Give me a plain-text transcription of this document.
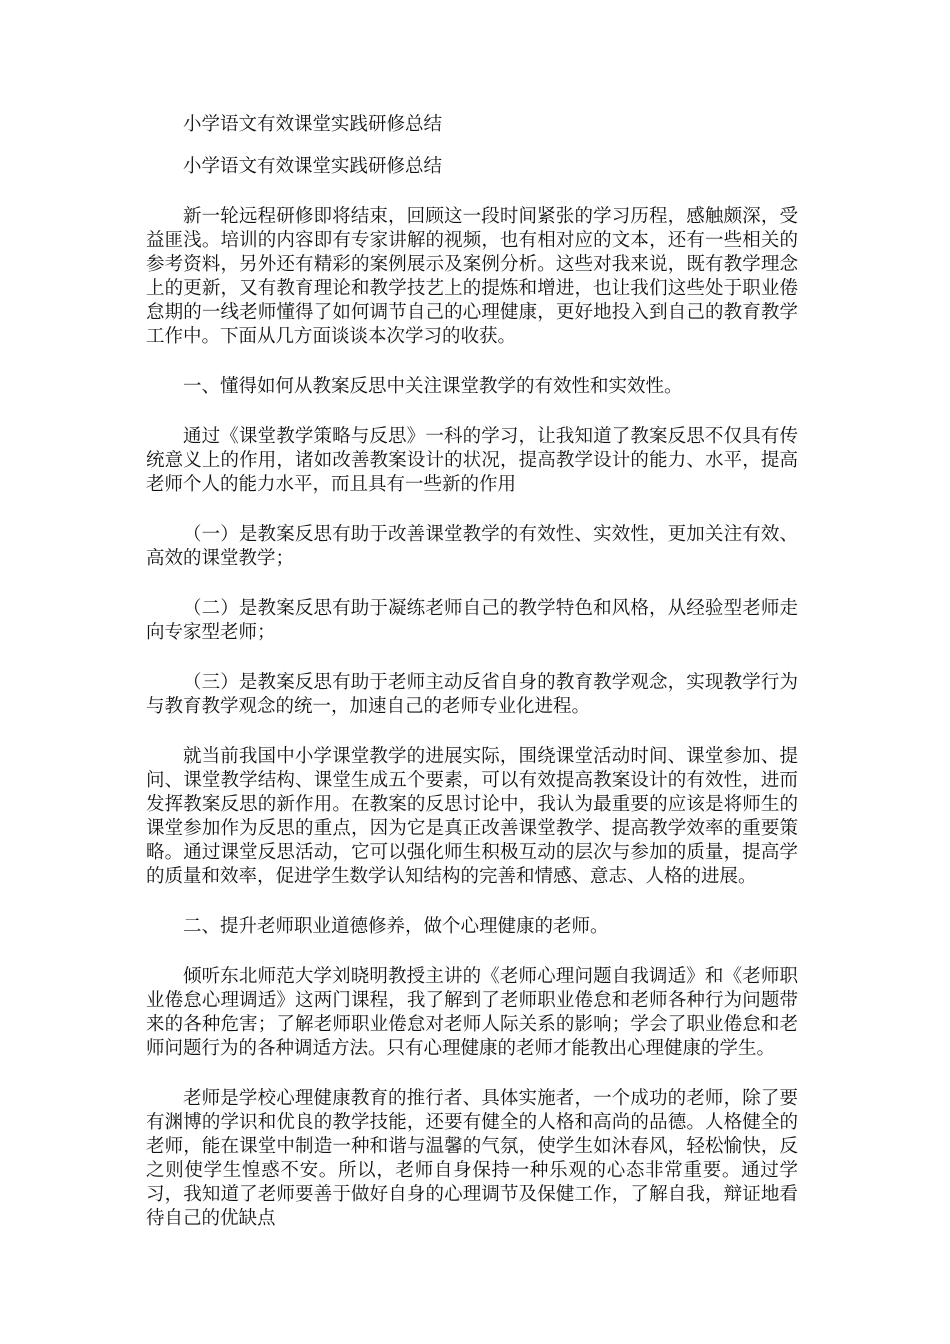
小学语文有效课堂实践研修总结

小学语文有效课堂实践研修总结

新一轮远程研修即将结束，回顾这一段时间紧张的学习历程，感触颇深，受益匪浅。培训的内容即有专家讲解的视频，也有相对应的文本，还有一些相关的参考资料，另外还有精彩的案例展示及案例分析。这些对我来说，既有教学理念上的更新，又有教育理论和教学技艺上的提炼和增进，也让我们这些处于职业倦怠期的一线老师懂得了如何调节自己的心理健康，更好地投入到自己的教育教学工作中。下面从几方面谈谈本次学习的收获。

一、懂得如何从教案反思中关注课堂教学的有效性和实效性。

通过《课堂教学策略与反思》一科的学习，让我知道了教案反思不仅具有传统意义上的作用，诸如改善教案设计的状况，提高教学设计的能力、水平，提高老师个人的能力水平，而且具有一些新的作用

（一）是教案反思有助于改善课堂教学的有效性、实效性，更加关注有效、高效的课堂教学；

（二）是教案反思有助于凝练老师自己的教学特色和风格，从经验型老师走向专家型老师；

（三）是教案反思有助于老师主动反省自身的教育教学观念，实现教学行为与教育教学观念的统一，加速自己的老师专业化进程。

就当前我国中小学课堂教学的进展实际，围绕课堂活动时间、课堂参加、提问、课堂教学结构、课堂生成五个要素，可以有效提高教案设计的有效性，进而发挥教案反思的新作用。在教案的反思讨论中，我认为最重要的应该是将师生的课堂参加作为反思的重点，因为它是真正改善课堂教学、提高教学效率的重要策略。通过课堂反思活动，它可以强化师生积极互动的层次与参加的质量，提高学的质量和效率，促进学生数学认知结构的完善和情感、意志、人格的进展。

二、提升老师职业道德修养，做个心理健康的老师。

倾听东北师范大学刘晓明教授主讲的《老师心理问题自我调适》和《老师职业倦怠心理调适》这两门课程，我了解到了老师职业倦怠和老师各种行为问题带来的各种危害；了解老师职业倦怠对老师人际关系的影响；学会了职业倦怠和老师问题行为的各种调适方法。只有心理健康的老师才能教出心理健康的学生。

老师是学校心理健康教育的推行者、具体实施者，一个成功的老师，除了要有渊博的学识和优良的教学技能，还要有健全的人格和高尚的品德。人格健全的老师，能在课堂中制造一种和谐与温馨的气氛，使学生如沐春风，轻松愉快，反之则使学生惶惑不安。所以，老师自身保持一种乐观的心态非常重要。通过学习，我知道了老师要善于做好自身的心理调节及保健工作，了解自我，辩证地看待自己的优缺点
